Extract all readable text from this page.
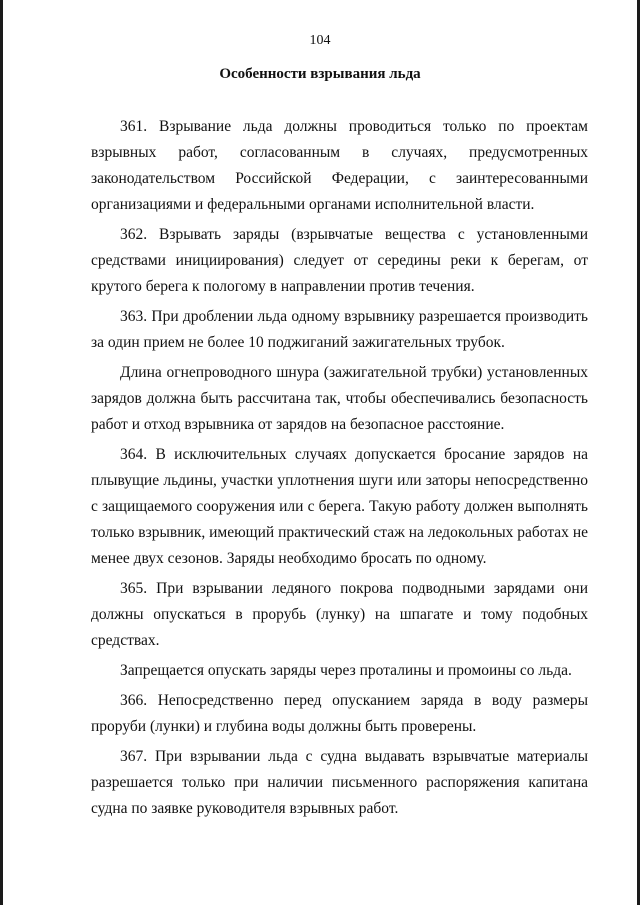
104
Особенности взрывания льда

361. Взрывание льда должны проводиться только по проектам взрывных работ, согласованным в случаях, предусмотренных законодательством Российской Федерации, с заинтересованными организациями и федеральными органами исполнительной власти.

362. Взрывать заряды (взрывчатые вещества с установленными средствами инициирования) следует от середины реки к берегам, от крутого берега к пологому в направлении против течения.

363. При дроблении льда одному взрывнику разрешается производить за один прием не более 10 поджиганий зажигательных трубок.

Длина огнепроводного шнура (зажигательной трубки) установленных зарядов должна быть рассчитана так, чтобы обеспечивались безопасность работ и отход взрывника от зарядов на безопасное расстояние.

364. В исключительных случаях допускается бросание зарядов на плывущие льдины, участки уплотнения шуги или заторы непосредственно с защищаемого сооружения или с берега. Такую работу должен выполнять только взрывник, имеющий практический стаж на ледокольных работах не менее двух сезонов. Заряды необходимо бросать по одному.

365. При взрывании ледяного покрова подводными зарядами они должны опускаться в прорубь (лунку) на шпагате и тому подобных средствах.

Запрещается опускать заряды через проталины и промоины со льда.

366. Непосредственно перед опусканием заряда в воду размеры проруби (лунки) и глубина воды должны быть проверены.

367. При взрывании льда с судна выдавать взрывчатые материалы разрешается только при наличии письменного распоряжения капитана судна по заявке руководителя взрывных работ.
